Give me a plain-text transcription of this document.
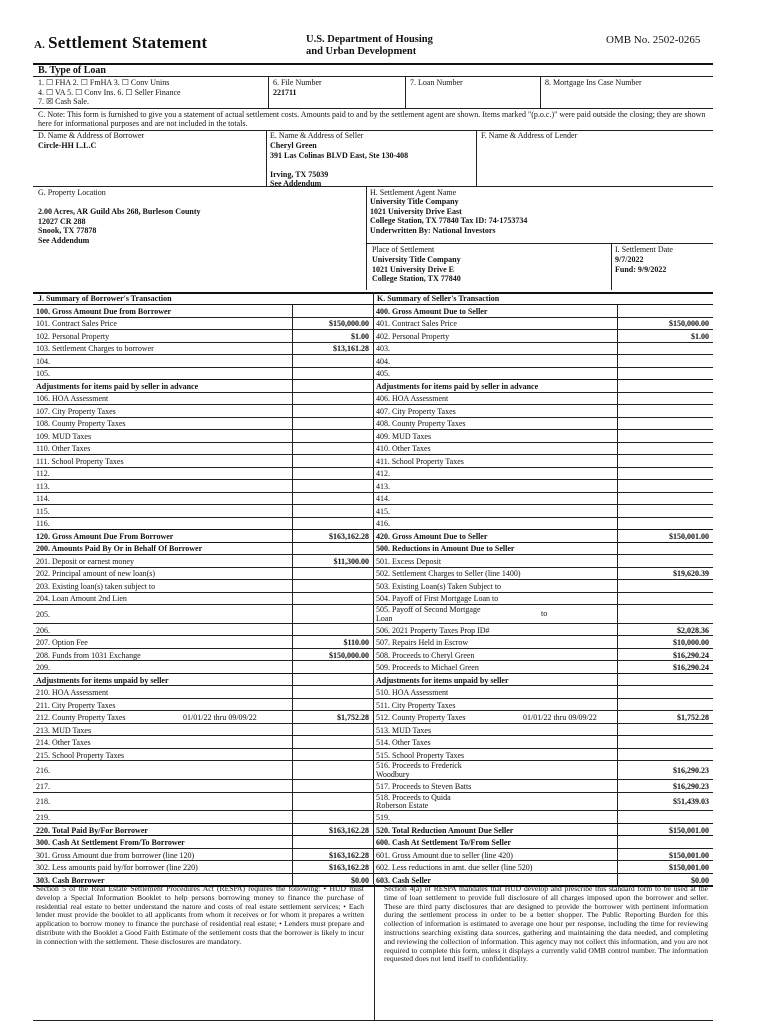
A. Settlement Statement	U.S. Department of Housing
and Urban Development
OMB No. 2502-0265
B. Type of Loan
1. ☐ FHA 2. ☐ FmHA 3. ☐ Conv Unins
4. ☐ VA 5. ☐ Conv Ins. 6. ☐ Seller Finance
7. ☒ Cash Sale.
6. File Number
221711
7. Loan Number	8. Mortgage Ins Case Number
C. Note: This form is furnished to give you a statement of actual settlement costs. Amounts paid to and by the settlement agent are shown. Items marked "(p.o.c.)" were paid outside the closing; they are shown here for informational purposes and are not included in the totals.
D. Name & Address of Borrower
Circle-HH L.L.C
E. Name & Address of Seller
Cheryl Green
391 Las Colinas BLVD East, Ste 130-408
Irving, TX 75039
See Addendum
F. Name & Address of Lender
G. Property Location
2.00 Acres, AR Guild Abs 268, Burleson County
12027 CR 288
Snook, TX 77878
See Addendum
H. Settlement Agent Name
University Title Company
1021 University Drive East
College Station, TX 77840 Tax ID: 74-1753734
Underwritten By: National Investors
Place of Settlement
University Title Company
1021 University Drive E
College Station, TX 77840
I. Settlement Date
9/7/2022
Fund: 9/9/2022
J. Summary of Borrower's Transaction	K. Summary of Seller's Transaction
100. Gross Amount Due from Borrower
101. Contract Sales Price	$150,000.00
102. Personal Property	$1.00
103. Settlement Charges to borrower	$13,161.28
104.
105.
Adjustments for items paid by seller in advance
106. HOA Assessment
107. City Property Taxes
108. County Property Taxes
109. MUD Taxes
110. Other Taxes
111. School Property Taxes
112.
113.
114.
115.
116.
120. Gross Amount Due From Borrower	$163,162.28
200. Amounts Paid By Or in Behalf Of Borrower
201. Deposit or earnest money	$11,300.00
202. Principal amount of new loan(s)
203. Existing loan(s) taken subject to
204. Loan Amount 2nd Lien
205.
206.
207. Option Fee	$110.00
208. Funds from 1031 Exchange	$150,000.00
209.
Adjustments for items unpaid by seller
210. HOA Assessment
211. City Property Taxes
212. County Property Taxes	01/01/22 thru 09/09/22	$1,752.28
213. MUD Taxes
214. Other Taxes
215. School Property Taxes
216.
217.
218.
219.
220. Total Paid By/For Borrower	$163,162.28
300. Cash At Settlement From/To Borrower
301. Gross Amount due from borrower (line 120)	$163,162.28
302. Less amounts paid by/for borrower (line 220)	$163,162.28
303. Cash Borrower	$0.00
400. Gross Amount Due to Seller
401. Contract Sales Price	$150,000.00
402. Personal Property	$1.00
403.
404.
405.
Adjustments for items paid by seller in advance
406. HOA Assessment
407. City Property Taxes
408. County Property Taxes
409. MUD Taxes
410. Other Taxes
411. School Property Taxes
412.
413.
414.
415.
416.
420. Gross Amount Due to Seller	$150,001.00
500. Reductions in Amount Due to Seller
501. Excess Deposit
502. Settlement Charges to Seller (line 1400)	$19,620.39
503. Existing Loan(s) Taken Subject to
504. Payoff of First Mortgage Loan to
505. Payoff of Second Mortgage
Loan	to
506. 2021 Property Taxes Prop ID#	$2,028.36
507. Repairs Held in Escrow	$10,000.00
508. Proceeds to Cheryl Green	$16,290.24
509. Proceeds to Michael Green	$16,290.24
Adjustments for items unpaid by seller
510. HOA Assessment
511. City Property Taxes
512. County Property Taxes	01/01/22 thru 09/09/22	$1,752.28
513. MUD Taxes
514. Other Taxes
515. School Property Taxes
516. Proceeds to Frederick
Woodbury	$16,290.23
517. Proceeds to Steven Batts	$16,290.23
518. Proceeds to Quida
Roberson Estate	$51,439.03
519.
520. Total Reduction Amount Due Seller	$150,001.00
600. Cash At Settlement To/From Seller
601. Gross Amount due to seller (line 420)	$150,001.00
602. Less reductions in amt. due seller (line 520)	$150,001.00
603. Cash Seller	$0.00
Section 5 of the Real Estate Settlement Procedures Act (RESPA) requires the following: • HUD must develop a Special Information Booklet to help persons borrowing money to finance the purchase of residential real estate to better understand the nature and costs of real estate settlement services; • Each lender must provide the booklet to all applicants from whom it receives or for whom it prepares a written application to borrow money to finance the purchase of residential real estate; • Lenders must prepare and distribute with the Booklet a Good Faith Estimate of the settlement costs that the borrower is likely to incur in connection with the settlement. These disclosures are mandatory.
Section 4(a) of RESPA mandates that HUD develop and prescribe this standard form to be used at the time of loan settlement to provide full disclosure of all charges imposed upon the borrower and seller. These are third party disclosures that are designed to provide the borrower with pertinent information during the settlement process in order to be a better shopper. The Public Reporting Burden for this collection of information is estimated to average one hour per response, including the time for reviewing instructions searching existing data sources, gathering and maintaining the data needed, and completing and reviewing the collection of information. This agency may not collect this information, and you are not required to complete this form, unless it displays a currently valid OMB control number. The information requested does not lend itself to confidentiality.
